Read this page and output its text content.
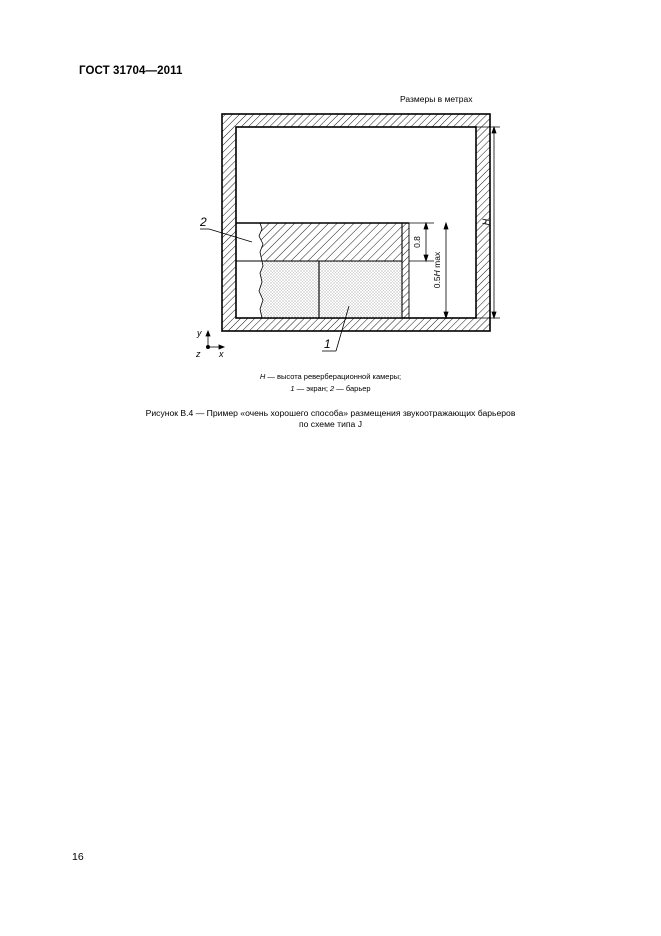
ГОСТ 31704—2011
Размеры в метрах
0.8
0.5H max
H
2
1
y
z x
H — высота реверберационной камеры;
1 — экран; 2 — барьер
Рисунок В.4 — Пример «очень хорошего способа» размещения звукоотражающих барьеров
по схеме типа J
16
